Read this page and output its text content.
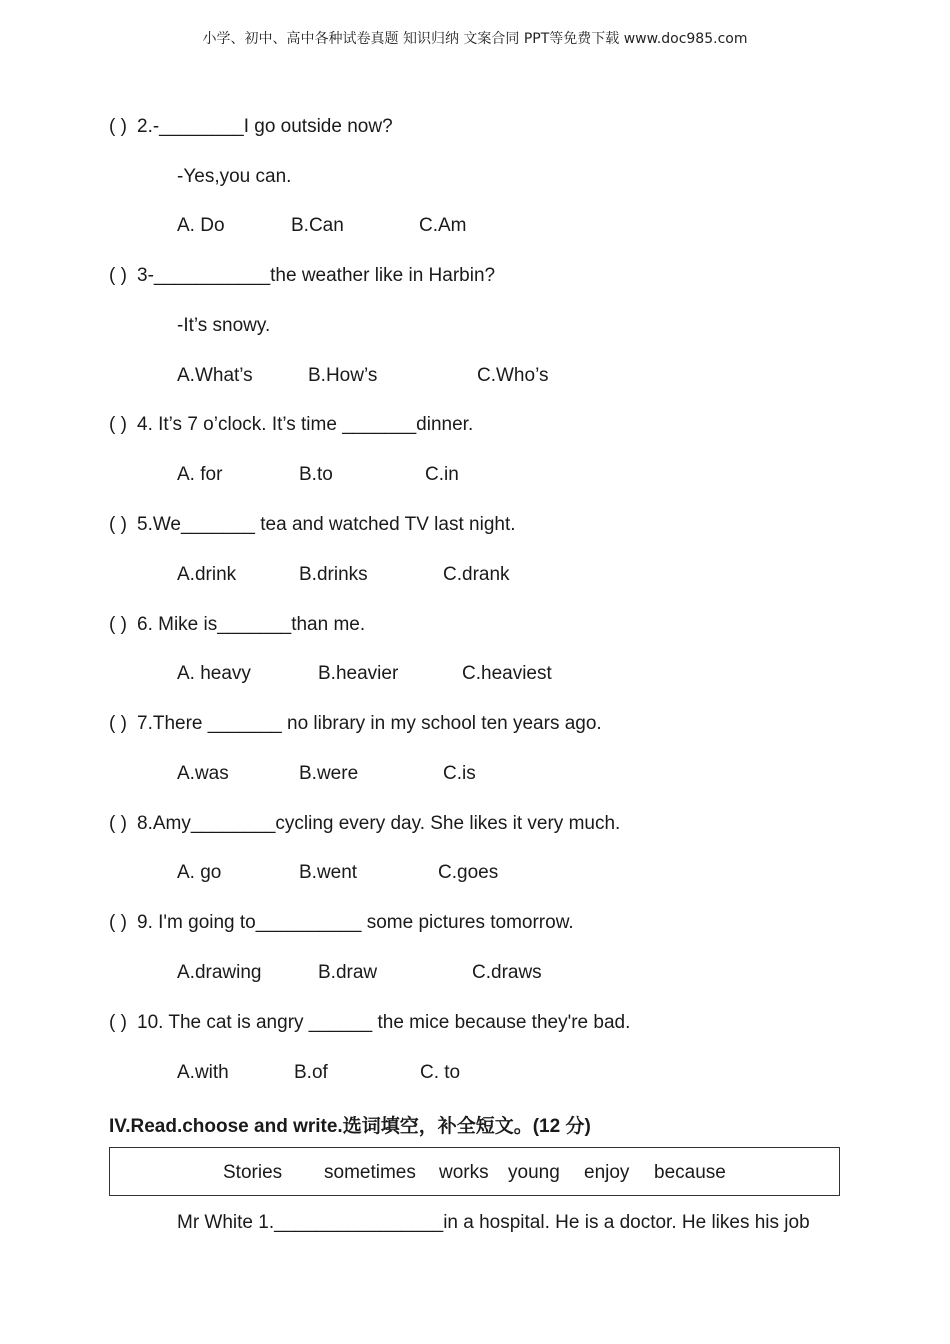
小学、初中、高中各种试卷真题 知识归纳 文案合同 PPT等免费下载 www.doc985.com
( ) 2.-________I go outside now?
-Yes,you can.
A. Do	B.Can	C.Am
( ) 3-___________the weather like in Harbin?
-It’s snowy.
A.What’s	B.How’s	C.Who’s
( ) 4. It’s 7 o’clock. It’s time _______dinner.
A. for	B.to	C.in
( ) 5.We_______ tea and watched TV last night.
A.drink	B.drinks	C.drank
( ) 6. Mike is_______than me.
A. heavy	B.heavier	C.heaviest
( ) 7.There _______ no library in my school ten years ago.
A.was	B.were	C.is
( ) 8.Amy________cycling every day. She likes it very much.
A. go	B.went	C.goes
( ) 9. I'm going to__________ some pictures tomorrow.
A.drawing	B.draw	C.draws
( ) 10. The cat is angry ______ the mice because they're bad.
A.with	B.of	C. to
IV.Read.choose and write.选词填空，补全短文。(12 分)
Stories sometimes works young enjoy because
Mr White 1.________________in a hospital. He is a doctor. He likes his job
